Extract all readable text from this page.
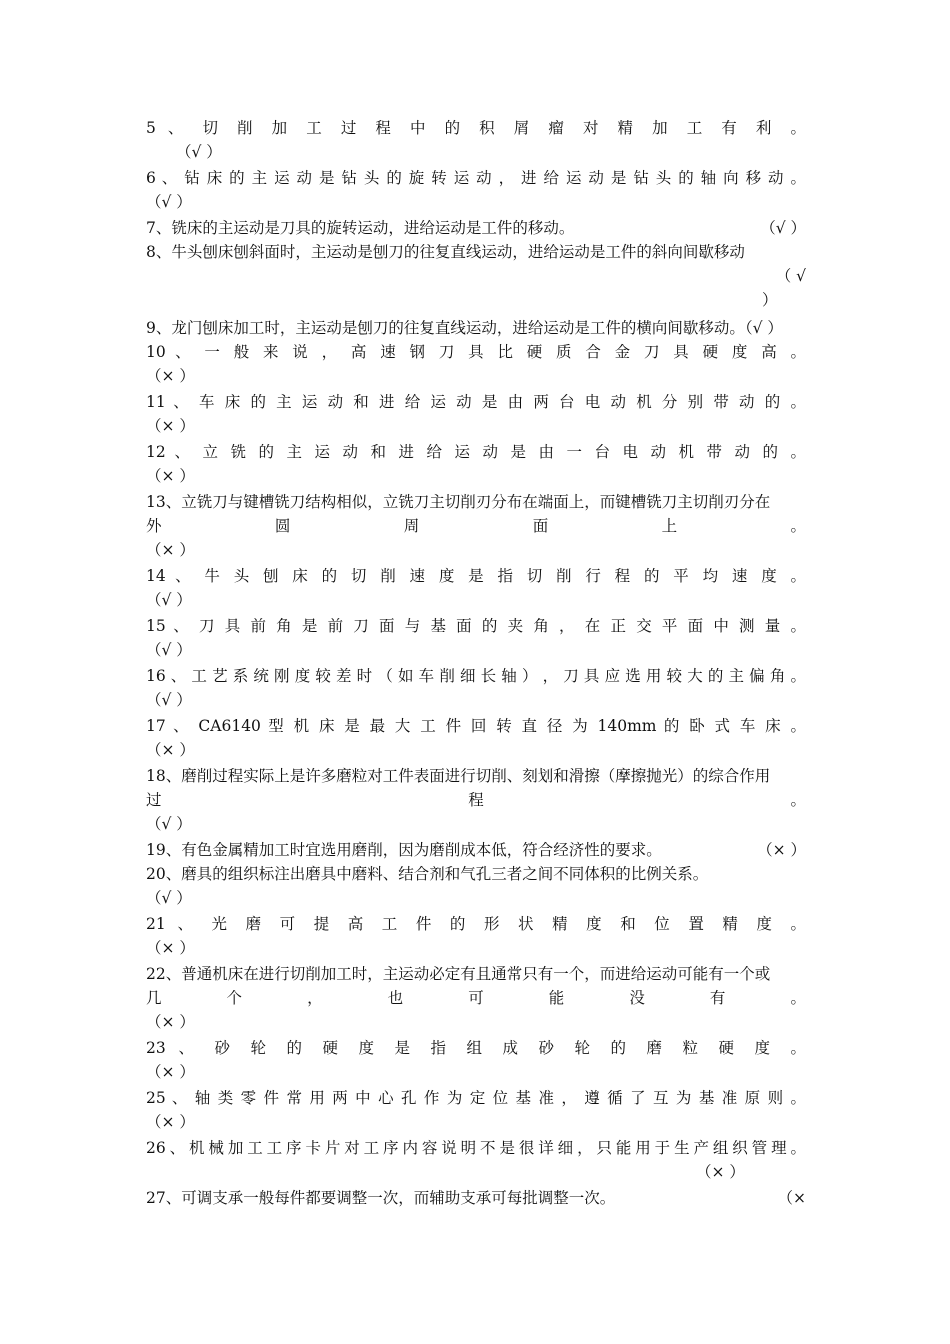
5 、 切 削 加 工 过 程 中 的 积 屑 瘤 对 精 加 工 有 利 。
（√ ）
6 、 钻 床 的 主 运 动 是 钻 头 的 旋 转 运 动 ， 进 给 运 动 是 钻 头 的 轴 向 移 动 。
（√ ）
7、铣床的主运动是刀具的旋转运动，进给运动是工件的移动。	（√ ）
8、牛头刨床刨斜面时，主运动是刨刀的往复直线运动，进给运动是工件的斜向间歇移动
（ √
）
9、龙门刨床加工时，主运动是刨刀的往复直线运动，进给运动是工件的横向间歇移动。（√ ）
10 、 一 般 来 说 ， 高 速 钢 刀 具 比 硬 质 合 金 刀 具 硬 度 高 。
（× ）
11 、 车 床 的 主 运 动 和 进 给 运 动 是 由 两 台 电 动 机 分 别 带 动 的 。
（× ）
12 、 立 铣 的 主 运 动 和 进 给 运 动 是 由 一 台 电 动 机 带 动 的 。
（× ）
13、立铣刀与键槽铣刀结构相似，立铣刀主切削刃分布在端面上，而键槽铣刀主切削刃分在
外 圆 周 面 上 。
（× ）
14 、 牛 头 刨 床 的 切 削 速 度 是 指 切 削 行 程 的 平 均 速 度 。
（√ ）
15 、 刀 具 前 角 是 前 刀 面 与 基 面 的 夹 角 ， 在 正 交 平 面 中 测 量 。
（√ ）
16 、 工 艺 系 统 刚 度 较 差 时 （ 如 车 削 细 长 轴 ） ， 刀 具 应 选 用 较 大 的 主 偏 角 。
（√ ）
17 、 CA6140 型 机 床 是 最 大 工 件 回 转 直 径 为 140mm 的 卧 式 车 床 。
（× ）
18、磨削过程实际上是许多磨粒对工件表面进行切削、刻划和滑擦（摩擦抛光）的综合作用
过 程 。
（√ ）
19、有色金属精加工时宜选用磨削，因为磨削成本低，符合经济性的要求。	（× ）
20、磨具的组织标注出磨具中磨料、结合剂和气孔三者之间不同体积的比例关系。
（√ ）
21 、 光 磨 可 提 高 工 件 的 形 状 精 度 和 位 置 精 度 。
（× ）
22、普通机床在进行切削加工时，主运动必定有且通常只有一个，而进给运动可能有一个或
几 个 ， 也 可 能 没 有 。
（× ）
23 、 砂 轮 的 硬 度 是 指 组 成 砂 轮 的 磨 粒 硬 度 。
（× ）
25 、 轴 类 零 件 常 用 两 中 心 孔 作 为 定 位 基 准 ， 遵 循 了 互 为 基 准 原 则 。
（× ）
26、机械加工工序卡片对工序内容说明不是很详细，只能用于生产组织管理。
（× ）
27、可调支承一般每件都要调整一次，而辅助支承可每批调整一次。	（×
